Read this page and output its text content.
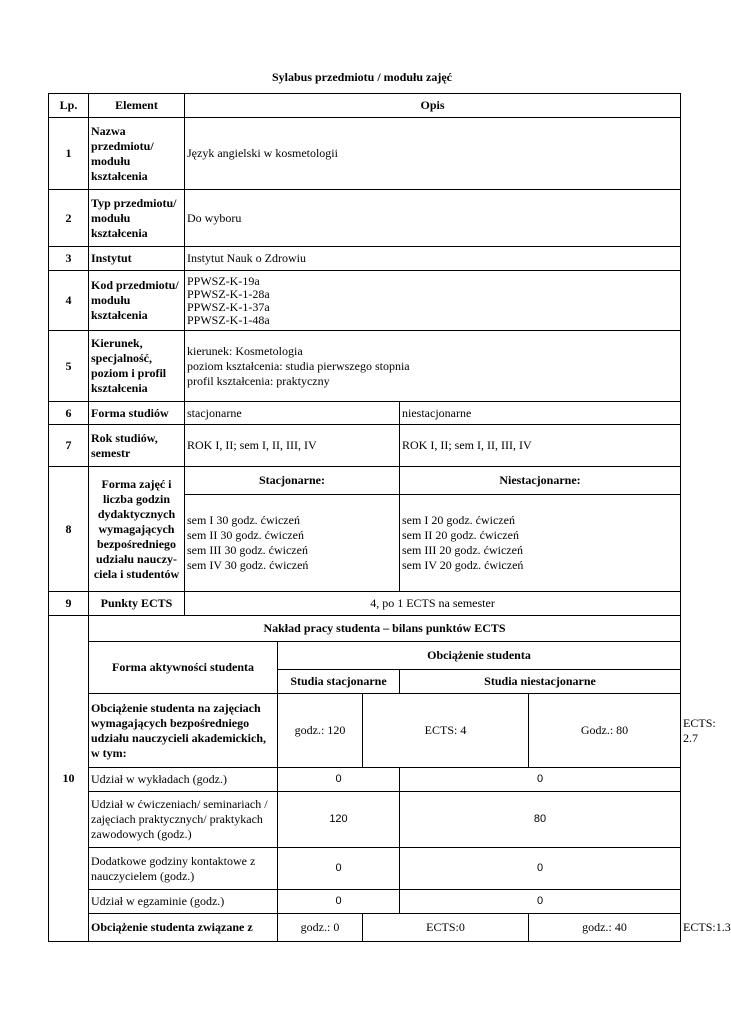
Sylabus przedmiotu / modułu zajęć
Lp.	Element	Opis					
1	Nazwa przedmiotu/ modułu kształcenia	Język angielski w kosmetologii					
2	Typ przedmiotu/ modułu kształcenia	Do wyboru					
3	Instytut	Instytut Nauk o Zdrowiu					
4	Kod przedmiotu/ modułu kształcenia	PPWSZ-K-19a
PPWSZ-K-1-28a
PPWSZ-K-1-37a
PPWSZ-K-1-48a					
5	Kierunek, specjalność, poziom i profil kształcenia	kierunek: Kosmetologia
poziom kształcenia: studia pierwszego stopnia
profil kształcenia: praktyczny					
6	Forma studiów	stacjonarne			niestacjonarne		
7	Rok studiów, semestr	ROK I, II; sem I, II, III, IV			ROK I, II; sem I, II, III, IV		
8	Forma zajęć i liczba godzin dydaktycznych wymagających bezpośredniego udziału nauczy-ciela i studentów	Stacjonarne:			Niestacjonarne:		
		sem I 30 godz. ćwiczeń
sem II 30 godz. ćwiczeń
sem III 30 godz. ćwiczeń
sem IV 30 godz. ćwiczeń			sem I 20 godz. ćwiczeń
sem II 20 godz. ćwiczeń
sem III 20 godz. ćwiczeń
sem IV 20 godz. ćwiczeń		
9	Punkty ECTS	4, po 1 ECTS na semester					
10	Nakład pracy studenta – bilans punktów ECTS						
	Forma aktywności studenta		Obciążenie studenta				
			Studia stacjonarne		Studia niestacjonarne		
	Obciążenie studenta na zajęciach wymagających bezpośredniego udziału nauczycieli akademickich, w tym:		godz.: 120	ECTS: 4		Godz.: 80	ECTS: 2.7
	Udział w wykładach (godz.)		0		0		
	Udział w ćwiczeniach/ seminariach / zajęciach praktycznych/ praktykach zawodowych (godz.)		120		80		
	Dodatkowe godziny kontaktowe z nauczycielem (godz.)		0		0		
	Udział w egzaminie (godz.)		0		0		
	Obciążenie studenta związane z		godz.: 0	ECTS:0		godz.: 40	ECTS:1.3
